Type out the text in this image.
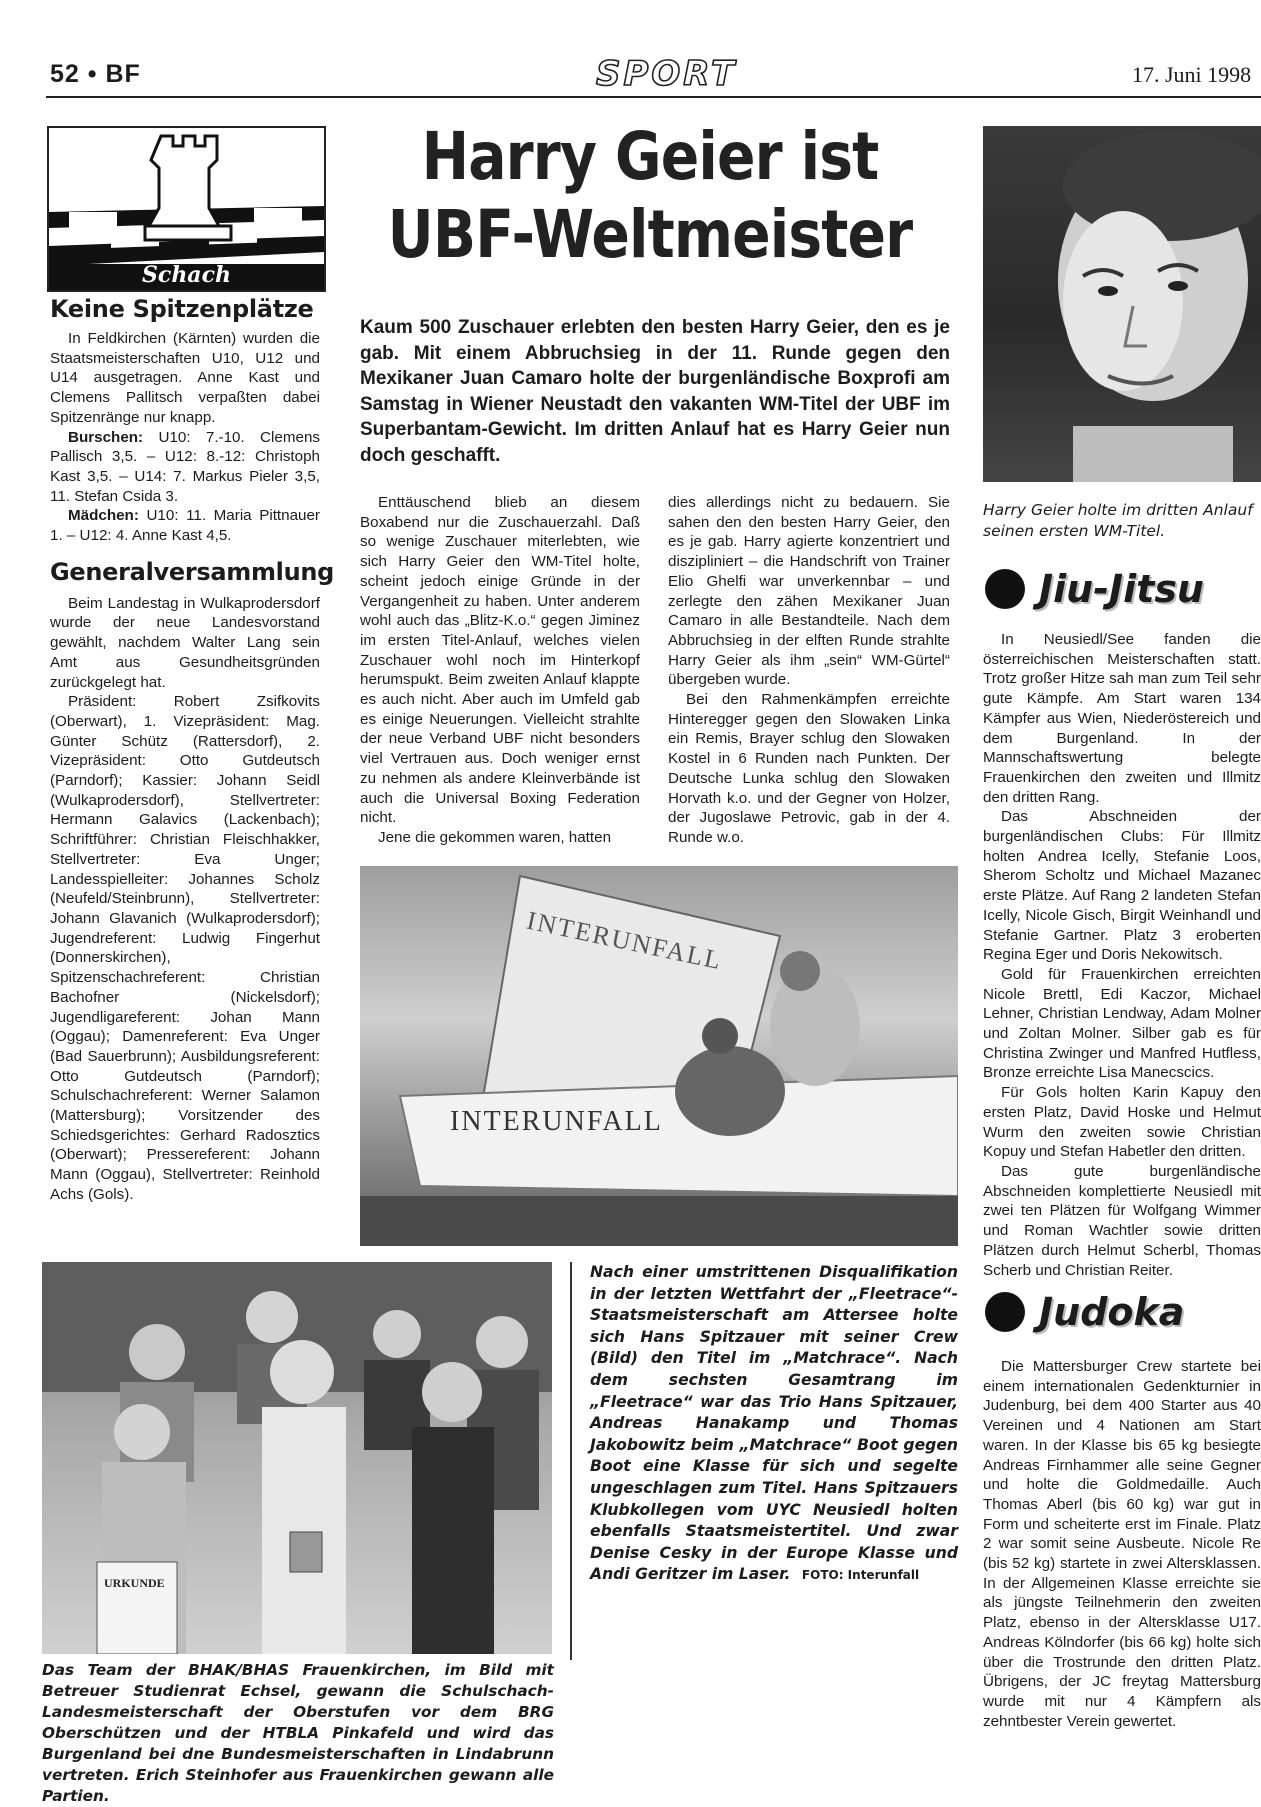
52 • BF	SPORT	17. Juni 1998
Schach
Keine Spitzenplätze

In Feldkirchen (Kärnten) wurden die Staatsmeisterschaften U10, U12 und U14 ausgetragen. Anne Kast und Clemens Pallitsch verpaßten dabei Spitzenränge nur knapp.

Burschen: U10: 7.-10. Clemens Pallisch 3,5. – U12: 8.-12: Christoph Kast 3,5. – U14: 7. Markus Pieler 3,5, 11. Stefan Csida 3.

Mädchen: U10: 11. Maria Pittnauer 1. – U12: 4. Anne Kast 4,5.

Generalversammlung

Beim Landestag in Wulkaprodersdorf wurde der neue Landesvorstand gewählt, nachdem Walter Lang sein Amt aus Gesundheitsgründen zurückgelegt hat.

Präsident: Robert Zsifkovits (Oberwart), 1. Vizepräsident: Mag. Günter Schütz (Rattersdorf), 2. Vizepräsident: Otto Gutdeutsch (Parndorf); Kassier: Johann Seidl (Wulkaprodersdorf), Stellvertreter: Hermann Galavics (Lackenbach); Schriftführer: Christian Fleischhakker, Stellvertreter: Eva Unger; Landesspielleiter: Johannes Scholz (Neufeld/Steinbrunn), Stellvertreter: Johann Glavanich (Wulkaprodersdorf); Jugendreferent: Ludwig Fingerhut (Donnerskirchen), Spitzenschachreferent: Christian Bachofner (Nickelsdorf); Jugendligareferent: Johan Mann (Oggau); Damenreferent: Eva Unger (Bad Sauerbrunn); Ausbildungsreferent: Otto Gutdeutsch (Parndorf); Schulschachreferent: Werner Salamon (Mattersburg); Vorsitzender des Schiedsgerichtes: Gerhard Radosztics (Oberwart); Pressereferent: Johann Mann (Oggau), Stellvertreter: Reinhold Achs (Gols).

Harry Geier ist
UBF-Weltmeister
Kaum 500 Zuschauer erlebten den besten Harry Geier, den es je gab. Mit einem Abbruchsieg in der 11. Runde gegen den Mexikaner Juan Camaro holte der burgenländische Boxprofi am Samstag in Wiener Neustadt den vakanten WM-Titel der UBF im Superbantam-Gewicht. Im dritten Anlauf hat es Harry Geier nun doch geschafft.

Enttäuschend blieb an diesem Boxabend nur die Zuschauerzahl. Daß so wenige Zuschauer miterlebten, wie sich Harry Geier den WM-Titel holte, scheint jedoch einige Gründe in der Vergangenheit zu haben. Unter anderem wohl auch das „Blitz-K.o.“ gegen Jiminez im ersten Titel-Anlauf, welches vielen Zuschauer wohl noch im Hinterkopf herumspukt. Beim zweiten Anlauf klappte es auch nicht. Aber auch im Umfeld gab es einige Neuerungen. Vielleicht strahlte der neue Verband UBF nicht besonders viel Vertrauen aus. Doch weniger ernst zu nehmen als andere Kleinverbände ist auch die Universal Boxing Federation nicht.

Jene die gekommen waren, hatten

dies allerdings nicht zu bedauern. Sie sahen den den besten Harry Geier, den es je gab. Harry agierte konzentriert und diszipliniert – die Handschrift von Trainer Elio Ghelfi war unverkennbar – und zerlegte den zähen Mexikaner Juan Camaro in alle Bestandteile. Nach dem Abbruchsieg in der elften Runde strahlte Harry Geier als ihm „sein“ WM-Gürtel“ übergeben wurde.

Bei den Rahmenkämpfen erreichte Hinteregger gegen den Slowaken Linka ein Remis, Brayer schlug den Slowaken Kostel in 6 Runden nach Punkten. Der Deutsche Lunka schlug den Slowaken Horvath k.o. und der Gegner von Holzer, der Jugoslawe Petrovic, gab in der 4. Runde w.o.

Harry Geier holte im dritten Anlauf seinen ersten WM-Titel.
Jiu-Jitsu

In Neusiedl/See fanden die österreichischen Meisterschaften statt. Trotz großer Hitze sah man zum Teil sehr gute Kämpfe. Am Start waren 134 Kämpfer aus Wien, Niederöstereich und dem Burgenland. In der Mannschaftswertung belegte Frauenkirchen den zweiten und Illmitz den dritten Rang.

Das Abschneiden der burgenländischen Clubs: Für Illmitz holten Andrea Icelly, Stefanie Loos, Sherom Scholtz und Michael Mazanec erste Plätze. Auf Rang 2 landeten Stefan Icelly, Nicole Gisch, Birgit Weinhandl und Stefanie Gartner. Platz 3 eroberten Regina Eger und Doris Nekowitsch.

Gold für Frauenkirchen erreichten Nicole Brettl, Edi Kaczor, Michael Lehner, Christian Lendway, Adam Molner und Zoltan Molner. Silber gab es für Christina Zwinger und Manfred Hutfless, Bronze erreichte Lisa Manecscics.

Für Gols holten Karin Kapuy den ersten Platz, David Hoske und Helmut Wurm den zweiten sowie Christian Kopuy und Stefan Habetler den dritten.

Das gute burgenländische Abschneiden komplettierte Neusiedl mit zwei ten Plätzen für Wolfgang Wimmer und Roman Wachtler sowie dritten Plätzen durch Helmut Scherbl, Thomas Scherb und Christian Reiter.

Judoka

Die Mattersburger Crew startete bei einem internationalen Gedenkturnier in Judenburg, bei dem 400 Starter aus 40 Vereinen und 4 Nationen am Start waren. In der Klasse bis 65 kg besiegte Andreas Firnhammer alle seine Gegner und holte die Goldmedaille. Auch Thomas Aberl (bis 60 kg) war gut in Form und scheiterte erst im Finale. Platz 2 war somit seine Ausbeute. Nicole Re (bis 52 kg) startete in zwei Altersklassen. In der Allgemeinen Klasse erreichte sie als jüngste Teilnehmerin den zweiten Platz, ebenso in der Altersklasse U17. Andreas Kölndorfer (bis 66 kg) holte sich über die Trostrunde den dritten Platz. Übrigens, der JC freytag Mattersburg wurde mit nur 4 Kämpfern als zehntbester Verein gewertet.

INTERUNFALL
INTERUNFALL
URKUNDE
Das Team der BHAK/BHAS Frauenkirchen, im Bild mit Betreuer Studienrat Echsel, gewann die Schulschach-Landesmeisterschaft der Oberstufen vor dem BRG Oberschützen und der HTBLA Pinkafeld und wird das Burgenland bei dne Bundesmeisterschaften in Lindabrunn vertreten. Erich Steinhofer aus Frauenkirchen gewann alle Partien.
Nach einer umstrittenen Disqualifikation in der letzten Wettfahrt der „Fleetrace“-Staatsmeisterschaft am Attersee holte sich Hans Spitzauer mit seiner Crew (Bild) den Titel im „Matchrace“. Nach dem sechsten Gesamtrang im „Fleetrace“ war das Trio Hans Spitzauer, Andreas Hanakamp und Thomas Jakobowitz beim „Matchrace“ Boot gegen Boot eine Klasse für sich und segelte ungeschlagen zum Titel. Hans Spitzauers Klubkollegen vom UYC Neusiedl holten ebenfalls Staatsmeistertitel. Und zwar Denise Cesky in der Europe Klasse und Andi Geritzer im Laser. FOTO: Interunfall
